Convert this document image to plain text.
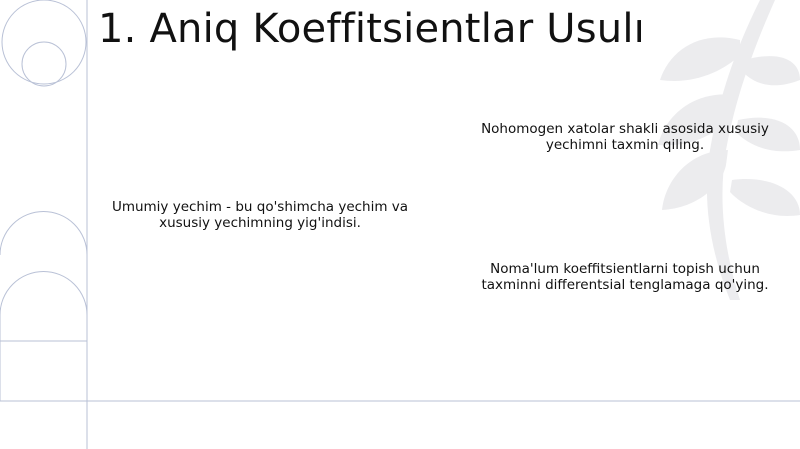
1. Aniq Koeffitsientlar Usulı

Nohomogen xatolar shakli asosida xususiy yechimni taxmin qiling.

Umumiy yechim - bu qo'shimcha yechim va xususiy yechimning yig'indisi.

Noma'lum koeffitsientlarni topish uchun taxminni differentsial tenglamaga qo'ying.
